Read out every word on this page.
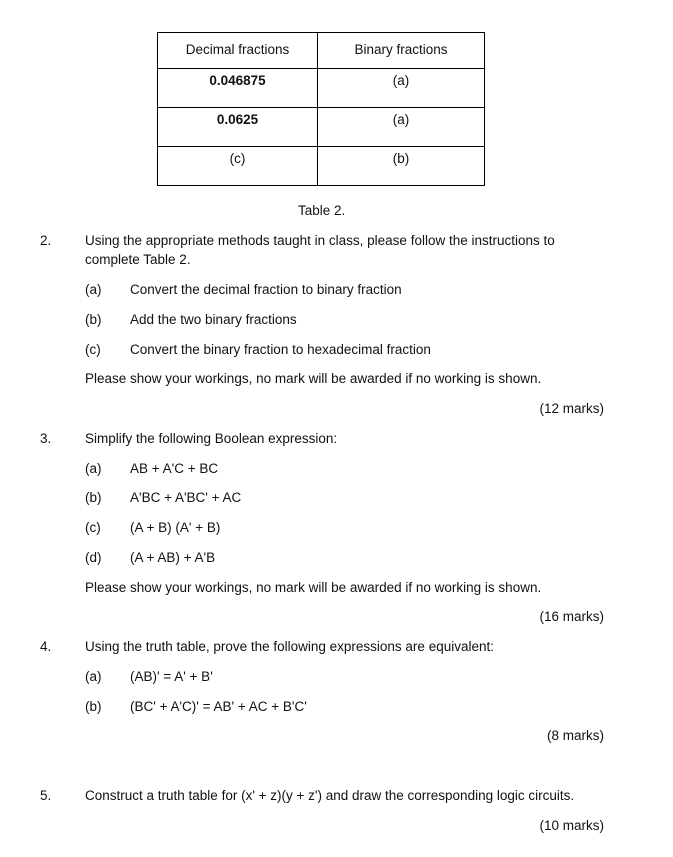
Decimal fractions	Binary fractions
0.046875	(a)
0.0625	(a)
(c)	(b)
Table 2.
2. Using the appropriate methods taught in class, please follow the instructions to
complete Table 2.
(a) Convert the decimal fraction to binary fraction
(b) Add the two binary fractions
(c) Convert the binary fraction to hexadecimal fraction
Please show your workings, no mark will be awarded if no working is shown.
(12 marks)
3. Simplify the following Boolean expression:
(a) AB + A'C + BC
(b) A'BC + A'BC' + AC
(c) (A + B) (A' + B)
(d) (A + AB) + A'B
Please show your workings, no mark will be awarded if no working is shown.
(16 marks)
4. Using the truth table, prove the following expressions are equivalent:
(a) (AB)' = A' + B'
(b) (BC' + A'C)' = AB' + AC + B'C'
(8 marks)
5. Construct a truth table for (x' + z)(y + z') and draw the corresponding logic circuits.
(10 marks)
